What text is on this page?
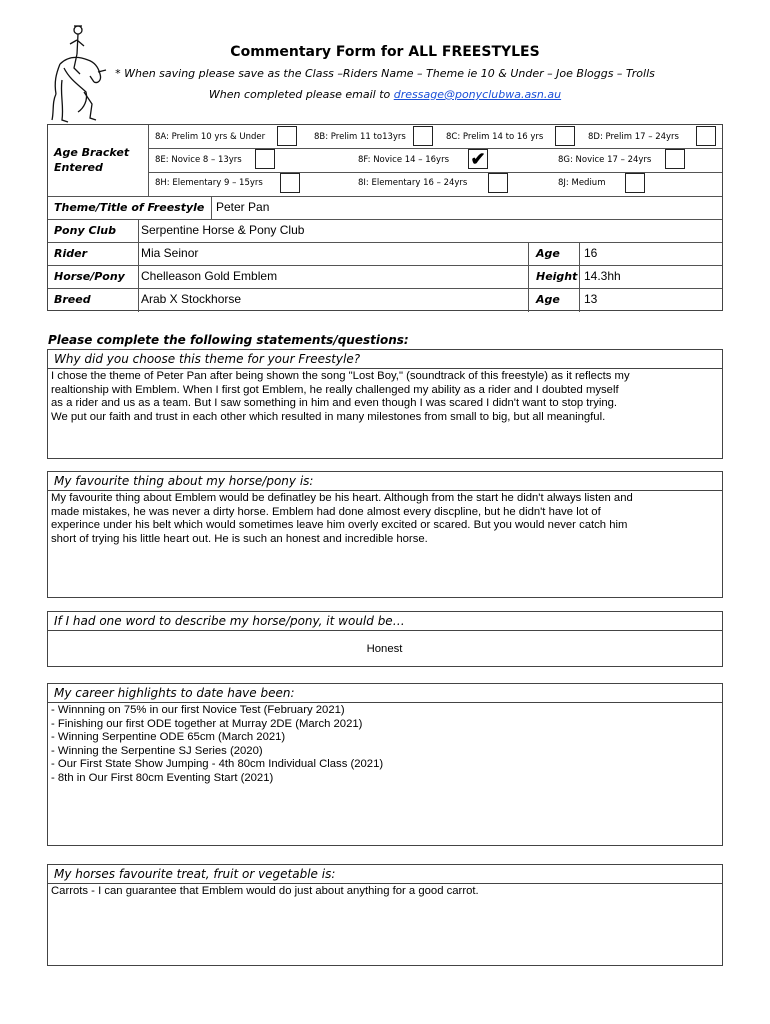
Commentary Form for ALL FREESTYLES
* When saving please save as the Class –Riders Name – Theme ie 10 & Under – Joe Bloggs – Trolls
When completed please email to dressage@ponyclubwa.asn.au
Age Bracket Entered
8A: Prelim 10 yrs & Under	8B: Prelim 11 to13yrs	8C: Prelim 14 to 16 yrs	8D: Prelim 17 – 24yrs
8E: Novice 8 – 13yrs	8F: Novice 14 – 16yrs ✔	8G: Novice 17 – 24yrs
8H: Elementary 9 – 15yrs	8I: Elementary 16 – 24yrs	8J: Medium
Theme/Title of Freestyle Peter Pan
Pony Club Serpentine Horse & Pony Club
Rider	Mia Seinor	Age 16
Horse/Pony Chelleason Gold Emblem	Height 14.3hh
Breed	Arab X Stockhorse	Age 13
Please complete the following statements/questions:
Why did you choose this theme for your Freestyle?
I chose the theme of Peter Pan after being shown the song "Lost Boy," (soundtrack of this freestyle) as it reflects my
realtionship with Emblem. When I first got Emblem, he really challenged my ability as a rider and I doubted myself
as a rider and us as a team. But I saw something in him and even though I was scared I didn't want to stop trying.
We put our faith and trust in each other which resulted in many milestones from small to big, but all meaningful.
My favourite thing about my horse/pony is:
My favourite thing about Emblem would be definatley be his heart. Although from the start he didn't always listen and
made mistakes, he was never a dirty horse. Emblem had done almost every discpline, but he didn't have lot of
experince under his belt which would sometimes leave him overly excited or scared. But you would never catch him
short of trying his little heart out. He is such an honest and incredible horse.
If I had one word to describe my horse/pony, it would be…
Honest
My career highlights to date have been:
- Winnning on 75% in our first Novice Test (February 2021)
- Finishing our first ODE together at Murray 2DE (March 2021)
- Winning Serpentine ODE 65cm (March 2021)
- Winning the Serpentine SJ Series (2020)
- Our First State Show Jumping - 4th 80cm Individual Class (2021)
- 8th in Our First 80cm Eventing Start (2021)
My horses favourite treat, fruit or vegetable is:
Carrots - I can guarantee that Emblem would do just about anything for a good carrot.
